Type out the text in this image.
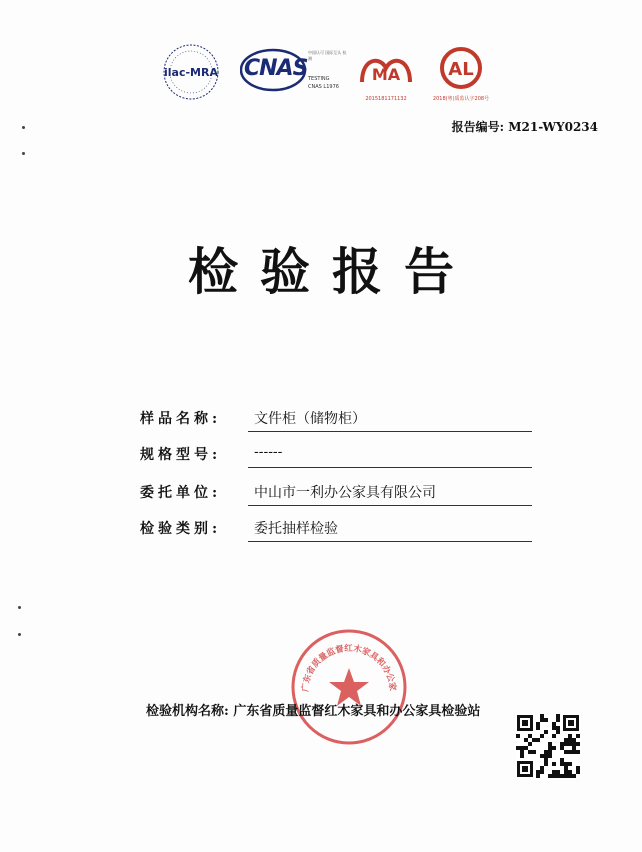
ilac-MRA CNAS
中国认可 国际互认 检测
TESTING
CNAS L1976
MA
2015181171132
AL
2018(粤)质监认字208号
报告编号: M21-WY0234
检验报告
样品名称:	文件柜（储物柜）
规格型号:	------
委托单位:	中山市一利办公家具有限公司
检验类别:	委托抽样检验
广东省质量监督红木家具和办公家
检验机构名称: 广东省质量监督红木家具和办公家具检验站
